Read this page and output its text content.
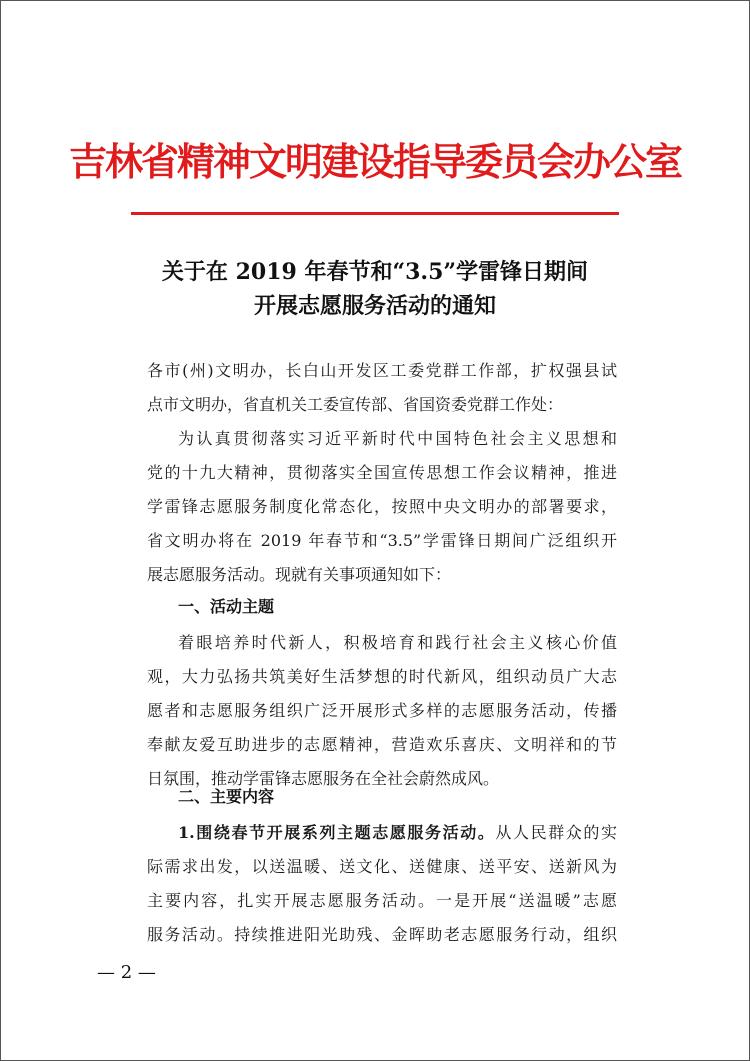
吉林省精神文明建设指导委员会办公室
关于在 2019 年春节和“3.5”学雷锋日期间
开展志愿服务活动的通知
各市(州)文明办，长白山开发区工委党群工作部，扩权强县试
点市文明办，省直机关工委宣传部、省国资委党群工作处：
为认真贯彻落实习近平新时代中国特色社会主义思想和
党的十九大精神，贯彻落实全国宣传思想工作会议精神，推进
学雷锋志愿服务制度化常态化，按照中央文明办的部署要求，
省文明办将在 2019 年春节和“3.5”学雷锋日期间广泛组织开
展志愿服务活动。现就有关事项通知如下：
一、活动主题
着眼培养时代新人，积极培育和践行社会主义核心价值
观，大力弘扬共筑美好生活梦想的时代新风，组织动员广大志
愿者和志愿服务组织广泛开展形式多样的志愿服务活动，传播
奉献友爱互助进步的志愿精神，营造欢乐喜庆、文明祥和的节
日氛围，推动学雷锋志愿服务在全社会蔚然成风。
二、主要内容
1.围绕春节开展系列主题志愿服务活动。从人民群众的实
际需求出发，以送温暖、送文化、送健康、送平安、送新风为
主要内容，扎实开展志愿服务活动。一是开展“送温暖”志愿
服务活动。持续推进阳光助残、金晖助老志愿服务行动，组织
— 2 —
